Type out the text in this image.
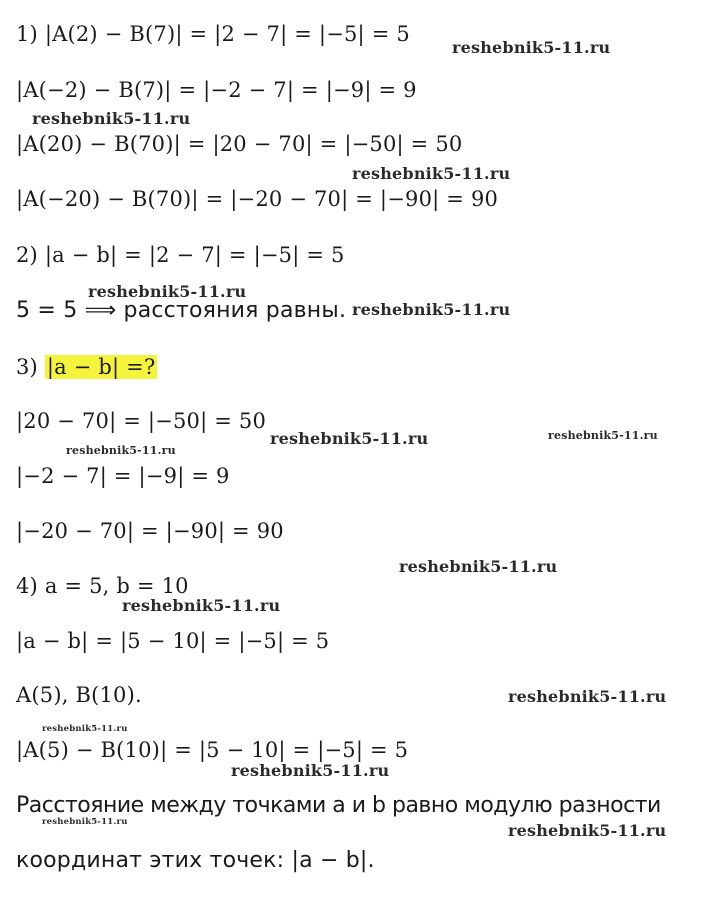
1) |A(2) − B(7)| = |2 − 7| = |−5| = 5
|A(−2) − B(7)| = |−2 − 7| = |−9| = 9
|A(20) − B(70)| = |20 − 70| = |−50| = 50
|A(−20) − B(70)| = |−20 − 70| = |−90| = 90
2) |a − b| = |2 − 7| = |−5| = 5
5 = 5 ⟹ расстояния равны.
3) |a − b| =?
|20 − 70| = |−50| = 50
|−2 − 7| = |−9| = 9
|−20 − 70| = |−90| = 90
4) a = 5, b = 10
|a − b| = |5 − 10| = |−5| = 5
A(5), B(10).
|A(5) − B(10)| = |5 − 10| = |−5| = 5
Расстояние между точками a и b равно модулю разности
координат этих точек: |a − b|.
reshebnik5-11.ru
reshebnik5-11.ru
reshebnik5-11.ru
reshebnik5-11.ru
reshebnik5-11.ru
reshebnik5-11.ru	reshebnik5-11.ru
reshebnik5-11.ru
reshebnik5-11.ru
reshebnik5-11.ru
reshebnik5-11.ru
reshebnik5-11.ru
reshebnik5-11.ru
reshebnik5-11.ru	reshebnik5-11.ru
